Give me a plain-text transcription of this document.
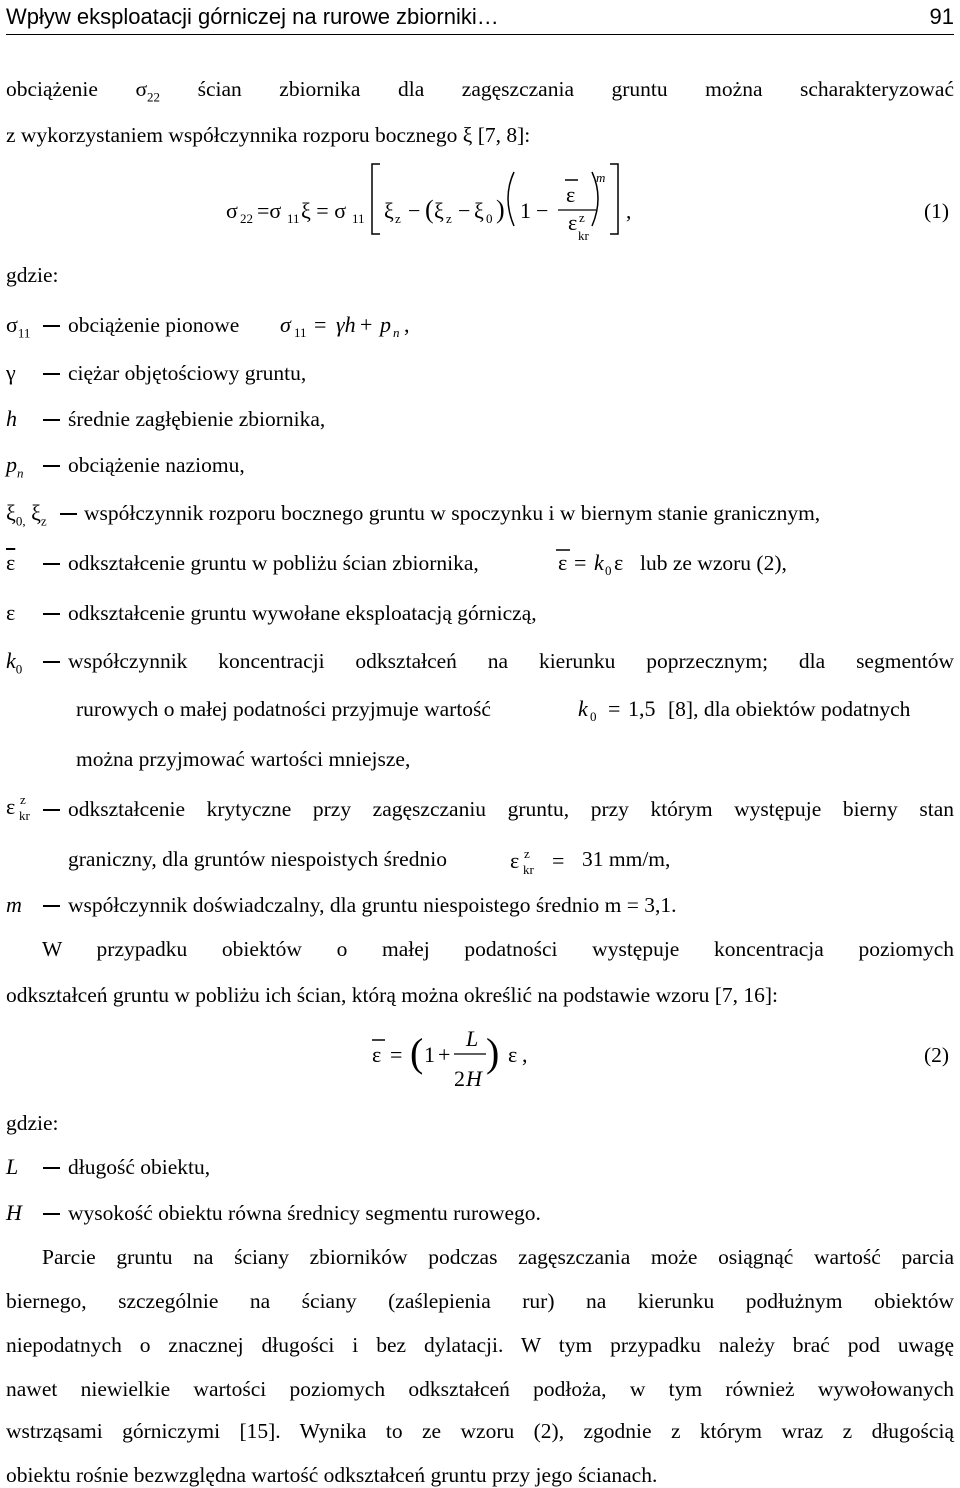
Wpływ eksploatacji górniczej na rurowe zbiorniki…	91
obciążenie $\sigma_{22}$ ścian zbiornika dla zagęszczania gruntu można scharakteryzować
z wykorzystaniem współczynnika rozporu bocznego ξ [7, 8]:
σ 22 =σ 11 ξ = σ 11 ξ z − ( ξ z − ξ 0 ) 1 −
ε
ε z
kr
m
,	(1)
gdzie:
$\sigma_{11}$ obciążenie pionowe σ 11 = γh + p n ,
γ ciężar objętościowy gruntu,
h średnie zagłębienie zbiornika,
$p_n$ obciążenie naziomu,
$\xi_{0,}$ $\xi_z$ współczynnik rozporu bocznego gruntu w spoczynku i w biernym stanie granicznym,
$\overline{\varepsilon}$ odkształcenie gruntu w pobliżu ścian zbiornika,	ε = k 0 ε lub ze wzoru (2),
ε odkształcenie gruntu wywołane eksploatacją górniczą,
$k_0$ współczynnik koncentracji odkształceń na kierunku poprzecznym; dla segmentów
rurowych o małej podatności przyjmuje wartość	k 0 = 1,5 [8], dla obiektów podatnych
można przyjmować wartości mniejsze,
ε z
kr odkształcenie krytyczne przy zagęszczaniu gruntu, przy którym występuje bierny stan
graniczny, dla gruntów niespoistych średnio	ε z
kr = 31 mm/m,
m współczynnik doświadczalny, dla gruntu niespoistego średnio m = 3,1.
W przypadku obiektów o małej podatności występuje koncentracja poziomych
odkształceń gruntu w pobliżu ich ścian, którą można określić na podstawie wzoru [7, 16]:
ε = ( 1 +
L
2 H
) ε ,	(2)
gdzie:
L długość obiektu,
H wysokość obiektu równa średnicy segmentu rurowego.
Parcie gruntu na ściany zbiorników podczas zagęszczania może osiągnąć wartość parcia
biernego, szczególnie na ściany (zaślepienia rur) na kierunku podłużnym obiektów
niepodatnych o znacznej długości i bez dylatacji. W tym przypadku należy brać pod uwagę
nawet niewielkie wartości poziomych odkształceń podłoża, w tym również wywołowanych
wstrząsami górniczymi [15]. Wynika to ze wzoru (2), zgodnie z którym wraz z długością
obiektu rośnie bezwzględna wartość odkształceń gruntu przy jego ścianach.
